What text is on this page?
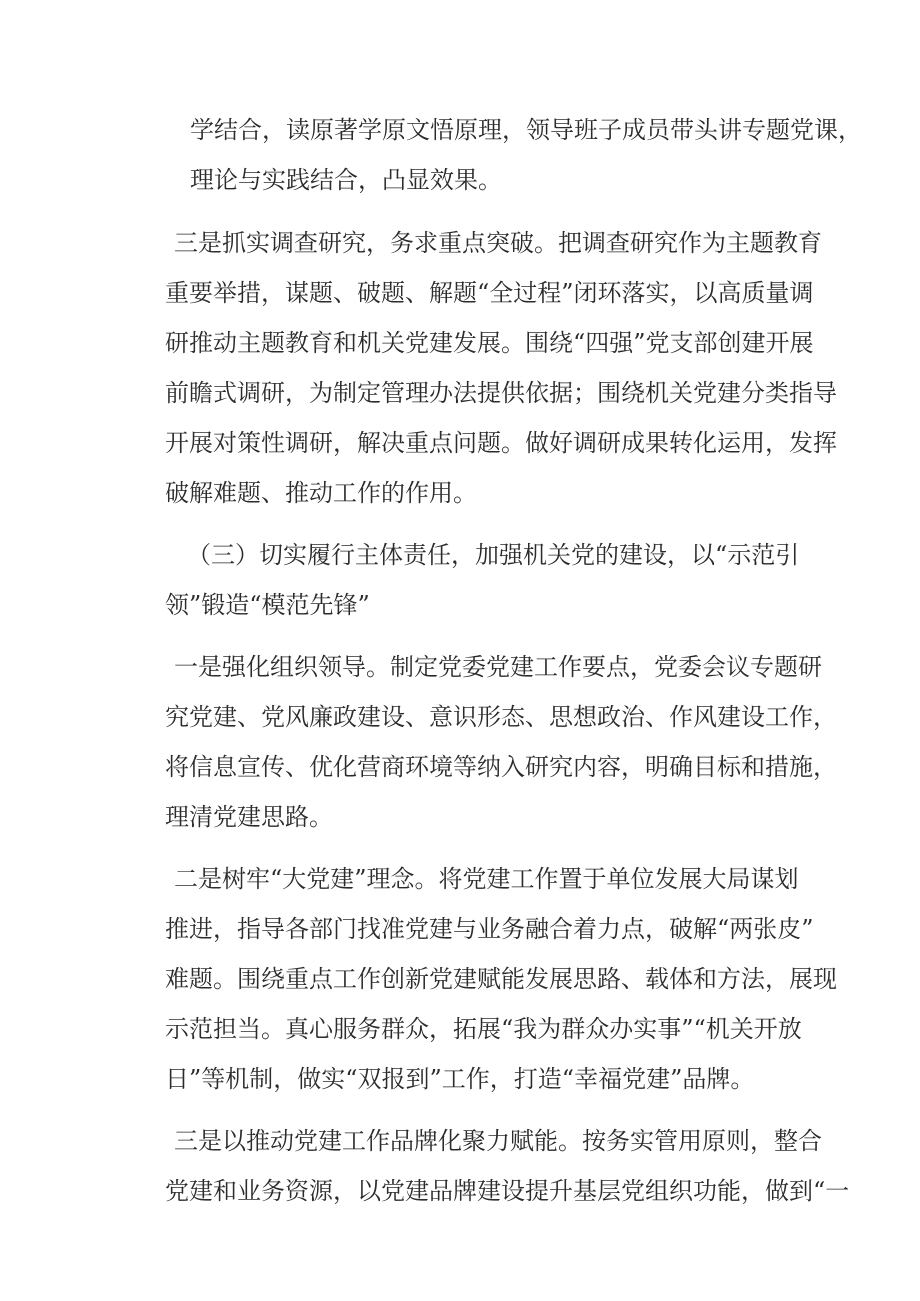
学结合，读原著学原文悟原理，领导班子成员带头讲专题党课，

理论与实践结合，凸显效果。

三是抓实调查研究，务求重点突破。把调查研究作为主题教育

重要举措，谋题、破题、解题“全过程”闭环落实，以高质量调

研推动主题教育和机关党建发展。围绕“四强”党支部创建开展

前瞻式调研，为制定管理办法提供依据；围绕机关党建分类指导

开展对策性调研，解决重点问题。做好调研成果转化运用，发挥

破解难题、推动工作的作用。

（三）切实履行主体责任，加强机关党的建设，以“示范引

领”锻造“模范先锋”

一是强化组织领导。制定党委党建工作要点，党委会议专题研

究党建、党风廉政建设、意识形态、思想政治、作风建设工作，

将信息宣传、优化营商环境等纳入研究内容，明确目标和措施，

理清党建思路。

二是树牢“大党建”理念。将党建工作置于单位发展大局谋划

推进，指导各部门找准党建与业务融合着力点，破解“两张皮”

难题。围绕重点工作创新党建赋能发展思路、载体和方法，展现

示范担当。真心服务群众，拓展“我为群众办实事”“机关开放

日”等机制，做实“双报到”工作，打造“幸福党建”品牌。

三是以推动党建工作品牌化聚力赋能。按务实管用原则，整合

党建和业务资源，以党建品牌建设提升基层党组织功能，做到“一
